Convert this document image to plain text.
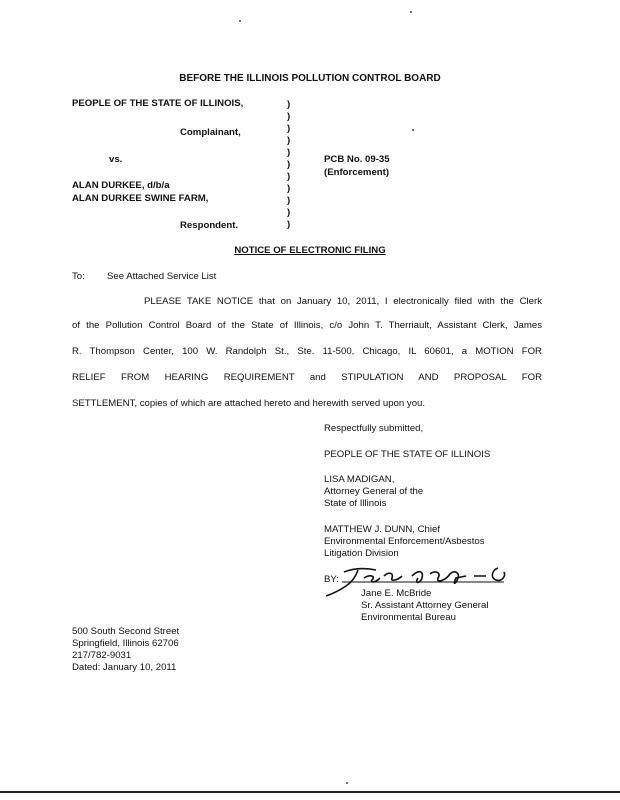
BEFORE THE ILLINOIS POLLUTION CONTROL BOARD
PEOPLE OF THE STATE OF ILLINOIS,
Complainant,
vs.
ALAN DURKEE, d/b/a
ALAN DURKEE SWINE FARM,
Respondent.
)
)
)
)
)
)
)
)
)
)
)
PCB No. 09-35
(Enforcement)
NOTICE OF ELECTRONIC FILING
To: See Attached Service List
PLEASE TAKE NOTICE that on January 10, 2011, I electronically filed with the Clerk
of the Pollution Control Board of the State of Illinois, c/o John T. Therriault, Assistant Clerk, James
R. Thompson Center, 100 W. Randolph St., Ste. 11-500, Chicago, IL 60601, a MOTION FOR
RELIEF FROM HEARING REQUIREMENT and STIPULATION AND PROPOSAL FOR
SETTLEMENT, copies of which are attached hereto and herewith served upon you.
Respectfully submitted,
PEOPLE OF THE STATE OF ILLINOIS
LISA MADIGAN,
Attorney General of the
State of Illinois
MATTHEW J. DUNN, Chief
Environmental Enforcement/Asbestos
Litigation Division
BY:
Jane E. McBride
Sr. Assistant Attorney General
Environmental Bureau
500 South Second Street
Springfield, Illinois 62706
217/782-9031
Dated: January 10, 2011
